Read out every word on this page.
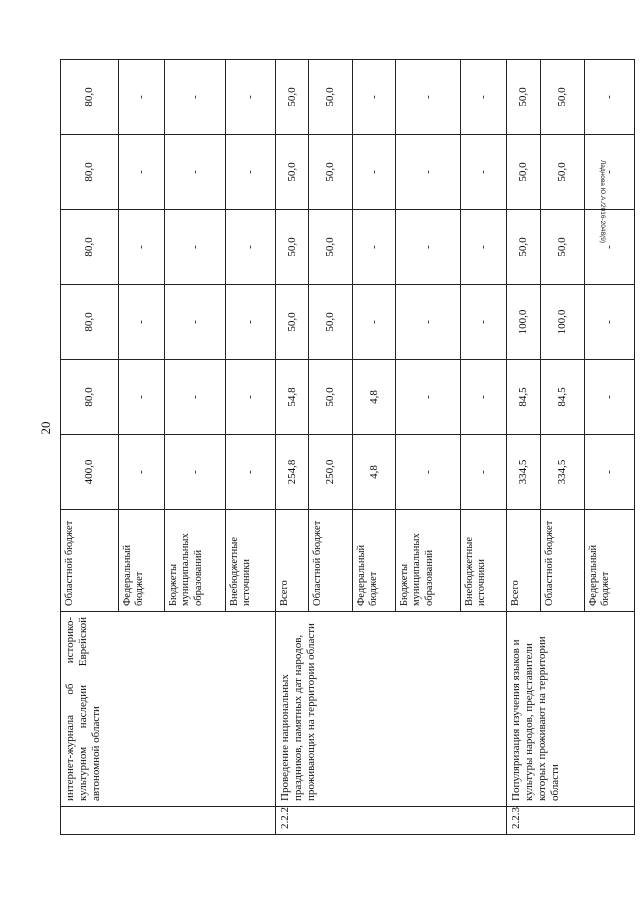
20
Ладнова Ю.А./2016-2048(9)
	интернет-журнала об историко-культурном наследии Еврейской автономной области	Областной бюджет	400,0	80,0	80,0	80,0	80,0	80,0
		Федеральный бюджет	-	-	-	-	-	-
		Бюджеты муниципальных образований	-	-	-	-	-	-
		Внебюджетные источники	-	-	-	-	-	-
2.2.2	Проведение национальных праздников, памятных дат народов, проживающих на территории области	Всего	254,8	54,8	50,0	50,0	50,0	50,0
		Областной бюджет	250,0	50,0	50,0	50,0	50,0	50,0
		Федеральный бюджет	4,8	4,8	-	-	-	-
		Бюджеты муниципальных образований	-	-	-	-	-	-
		Внебюджетные источники	-	-	-	-	-	-
2.2.3	Популяризация изучения языков и культуры народов, представители которых проживают на территории области	Всего	334,5	84,5	100,0	50,0	50,0	50,0
		Областной бюджет	334,5	84,5	100,0	50,0	50,0	50,0
		Федеральный бюджет	-	-	-	-	-	-
